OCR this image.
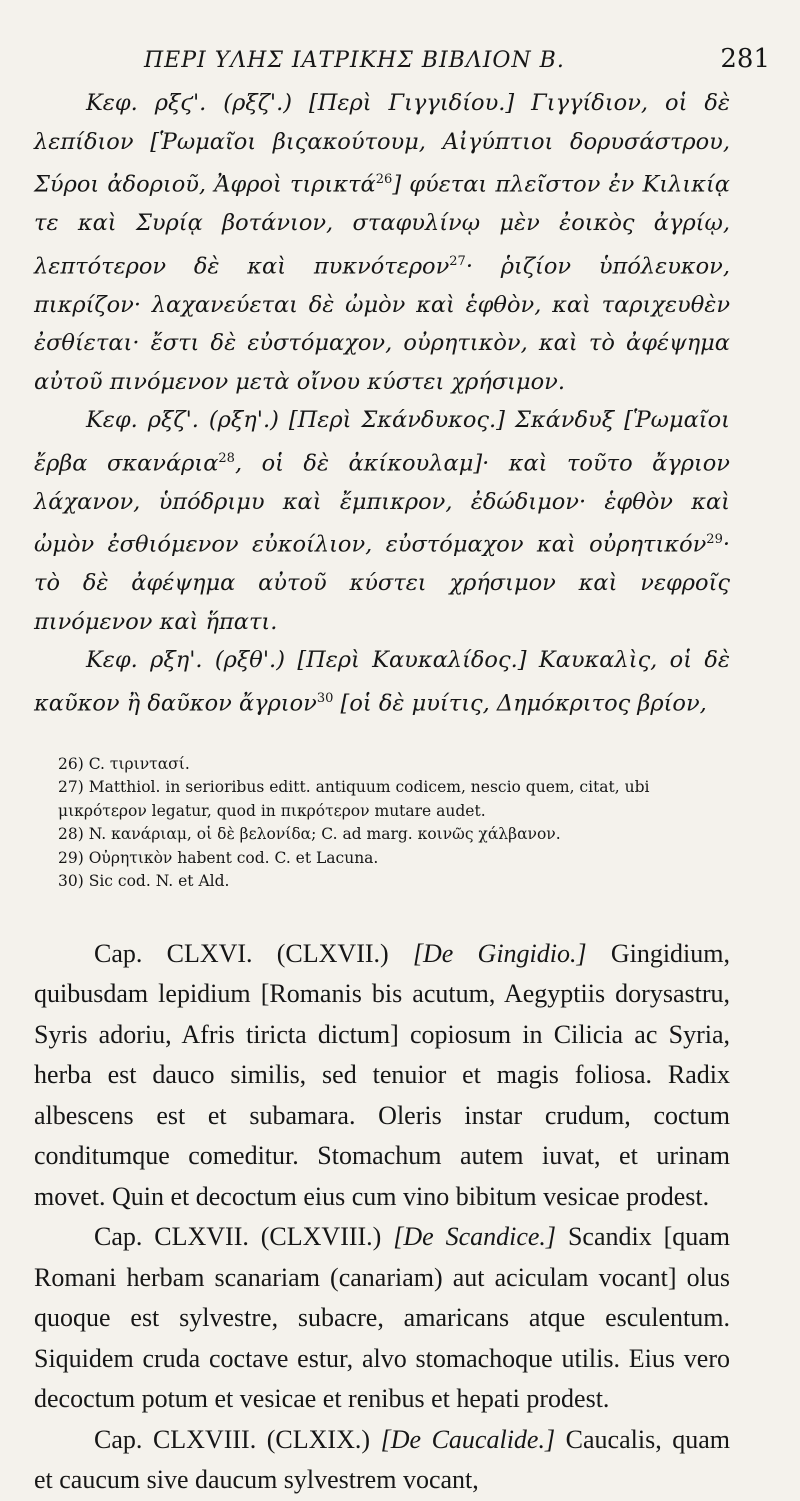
ΠΕΡΙ ΥΛΗΣ ΙΑΤΡΙΚΗΣ ΒΙΒΛΙΟΝ Β.	281

Κεφ. ρξϛ'. (ρξζ'.) [Περὶ Γιγγιδίου.] Γιγγίδιον, οἱ δὲ λεπίδιον [Ῥωμαῖοι βιςακούτουμ, Αἰγύπτιοι δορυσάστρου, Σύροι ἀδοριοῦ, Ἀφροὶ τιρικτά$^{26}$] φύεται πλεῖστον ἐν Κιλικίᾳ τε καὶ Συρίᾳ βοτάνιον, σταφυλίνῳ μὲν ἐοικὸς ἀγρίῳ, λεπτότερον δὲ καὶ πυκνότερον$^{27}$· ῥιζίον ὑπόλευκον, πικρίζον· λαχανεύεται δὲ ὠμὸν καὶ ἑφθὸν, καὶ ταριχευθὲν ἐσθίεται· ἔστι δὲ εὐστόμαχον, οὐρητικὸν, καὶ τὸ ἀφέψημα αὐτοῦ πινόμενον μετὰ οἴνου κύστει χρήσιμον.

Κεφ. ρξζ'. (ρξη'.) [Περὶ Σκάνδυκος.] Σκάνδυξ [Ῥωμαῖοι ἔρβα σκανάρια$^{28}$, οἱ δὲ ἀκίκουλαμ]· καὶ τοῦτο ἄγριον λάχανον, ὑπόδριμυ καὶ ἔμπικρον, ἐδώδιμον· ἑφθὸν καὶ ὠμὸν ἐσθιόμενον εὐκοίλιον, εὐστόμαχον καὶ οὐρητικόν$^{29}$· τὸ δὲ ἀφέψημα αὐτοῦ κύστει χρήσιμον καὶ νεφροῖς πινόμενον καὶ ἥπατι.

Κεφ. ρξη'. (ρξθ'.) [Περὶ Καυκαλίδος.] Καυκαλὶς, οἱ δὲ καῦκον ἢ δαῦκον ἄγριον$^{30}$ [οἱ δὲ μυίτις, Δημόκριτος βρίον,

26) C. τιριντασί.

27) Matthiol. in serioribus editt. antiquum codicem, nescio quem, citat, ubi μικρότερον legatur, quod in πικρότερον mutare audet.

28) N. κανάριαμ, οἱ δὲ βελονίδα; C. ad marg. κοινῶς χάλβανον.

29) Οὐρητικὸν habent cod. C. et Lacuna.

30) Sic cod. N. et Ald.

Cap. CLXVI. (CLXVII.) [De Gingidio.] Gingidium, quibusdam lepidium [Romanis bis acutum, Aegyptiis dorysastru, Syris adoriu, Afris tiricta dictum] copiosum in Cilicia ac Syria, herba est dauco similis, sed tenuior et magis foliosa. Radix albescens est et subamara. Oleris instar crudum, coctum conditumque comeditur. Stomachum autem iuvat, et urinam movet. Quin et decoctum eius cum vino bibitum vesicae prodest.

Cap. CLXVII. (CLXVIII.) [De Scandice.] Scandix [quam Romani herbam scanariam (canariam) aut aciculam vocant] olus quoque est sylvestre, subacre, amaricans atque esculentum. Siquidem cruda coctave estur, alvo stomachoque utilis. Eius vero decoctum potum et vesicae et renibus et hepati prodest.

Cap. CLXVIII. (CLXIX.) [De Caucalide.] Caucalis, quam et caucum sive daucum sylvestrem vocant,
